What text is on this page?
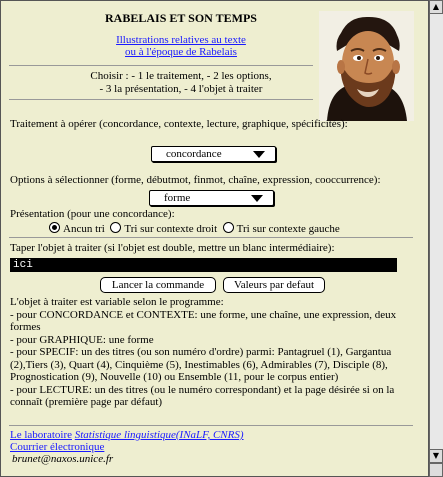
RABELAIS ET SON TEMPS
Illustrations relatives au texte
ou à l'époque de Rabelais
Choisir : - 1 le traitement, - 2 les options,
- 3 la présentation, - 4 l'objet à traiter
Traitement à opérer (concordance, contexte, lecture, graphique, spécificités):
concordance
Options à sélectionner (forme, débutmot, finmot, chaîne, expression, cooccurrence):
forme
Présentation (pour une concordance):
Ancun tri Tri sur contexte droit Tri sur contexte gauche
Taper l'objet à traiter (si l'objet est double, mettre un blanc intermédiaire):
ici
Lancer la commande	Valeurs par defaut
L'objet à traiter est variable selon le programme:
- pour CONCORDANCE et CONTEXTE: une forme, une chaîne, une expression, deux formes
- pour GRAPHIQUE: une forme
- pour SPECIF: un des titres (ou son numéro d'ordre) parmi: Pantagruel (1), Gargantua (2),Tiers (3), Quart (4), Cinquième (5), Inestimables (6), Admirables (7), Disciple (8), Prognostication (9), Nouvelle (10) ou Ensemble (11, pour le corpus entier)
- pour LECTURE: un des titres (ou le numéro correspondant) et la page désirée si on la connaît (première page par défaut)
Le laboratoire Statistique linguistique(INaLF, CNRS)
Courrier électronique
brunet@naxos.unice.fr
▲
▼
